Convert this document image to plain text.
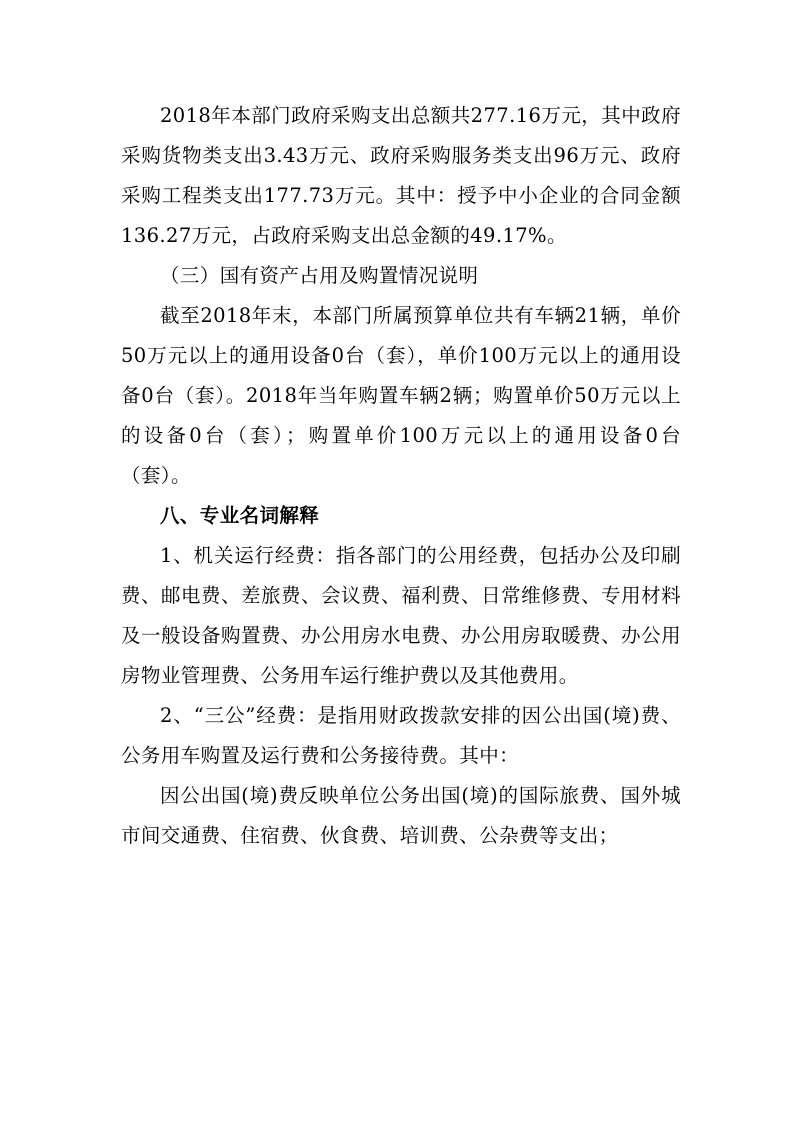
2018年本部门政府采购支出总额共277.16万元，其中政府采购货物类支出3.43万元、政府采购服务类支出96万元、政府采购工程类支出177.73万元。其中：授予中小企业的合同金额136.27万元，占政府采购支出总金额的49.17%。

（三）国有资产占用及购置情况说明

截至2018年末，本部门所属预算单位共有车辆21辆，单价50万元以上的通用设备0台（套），单价100万元以上的通用设备0台（套）。2018年当年购置车辆2辆；购置单价50万元以上的设备0台（套）；购置单价100万元以上的通用设备0台（套）。

八、专业名词解释

1、机关运行经费：指各部门的公用经费，包括办公及印刷费、邮电费、差旅费、会议费、福利费、日常维修费、专用材料及一般设备购置费、办公用房水电费、办公用房取暖费、办公用房物业管理费、公务用车运行维护费以及其他费用。

2、“三公”经费：是指用财政拨款安排的因公出国(境)费、公务用车购置及运行费和公务接待费。其中：

因公出国(境)费反映单位公务出国(境)的国际旅费、国外城市间交通费、住宿费、伙食费、培训费、公杂费等支出；
